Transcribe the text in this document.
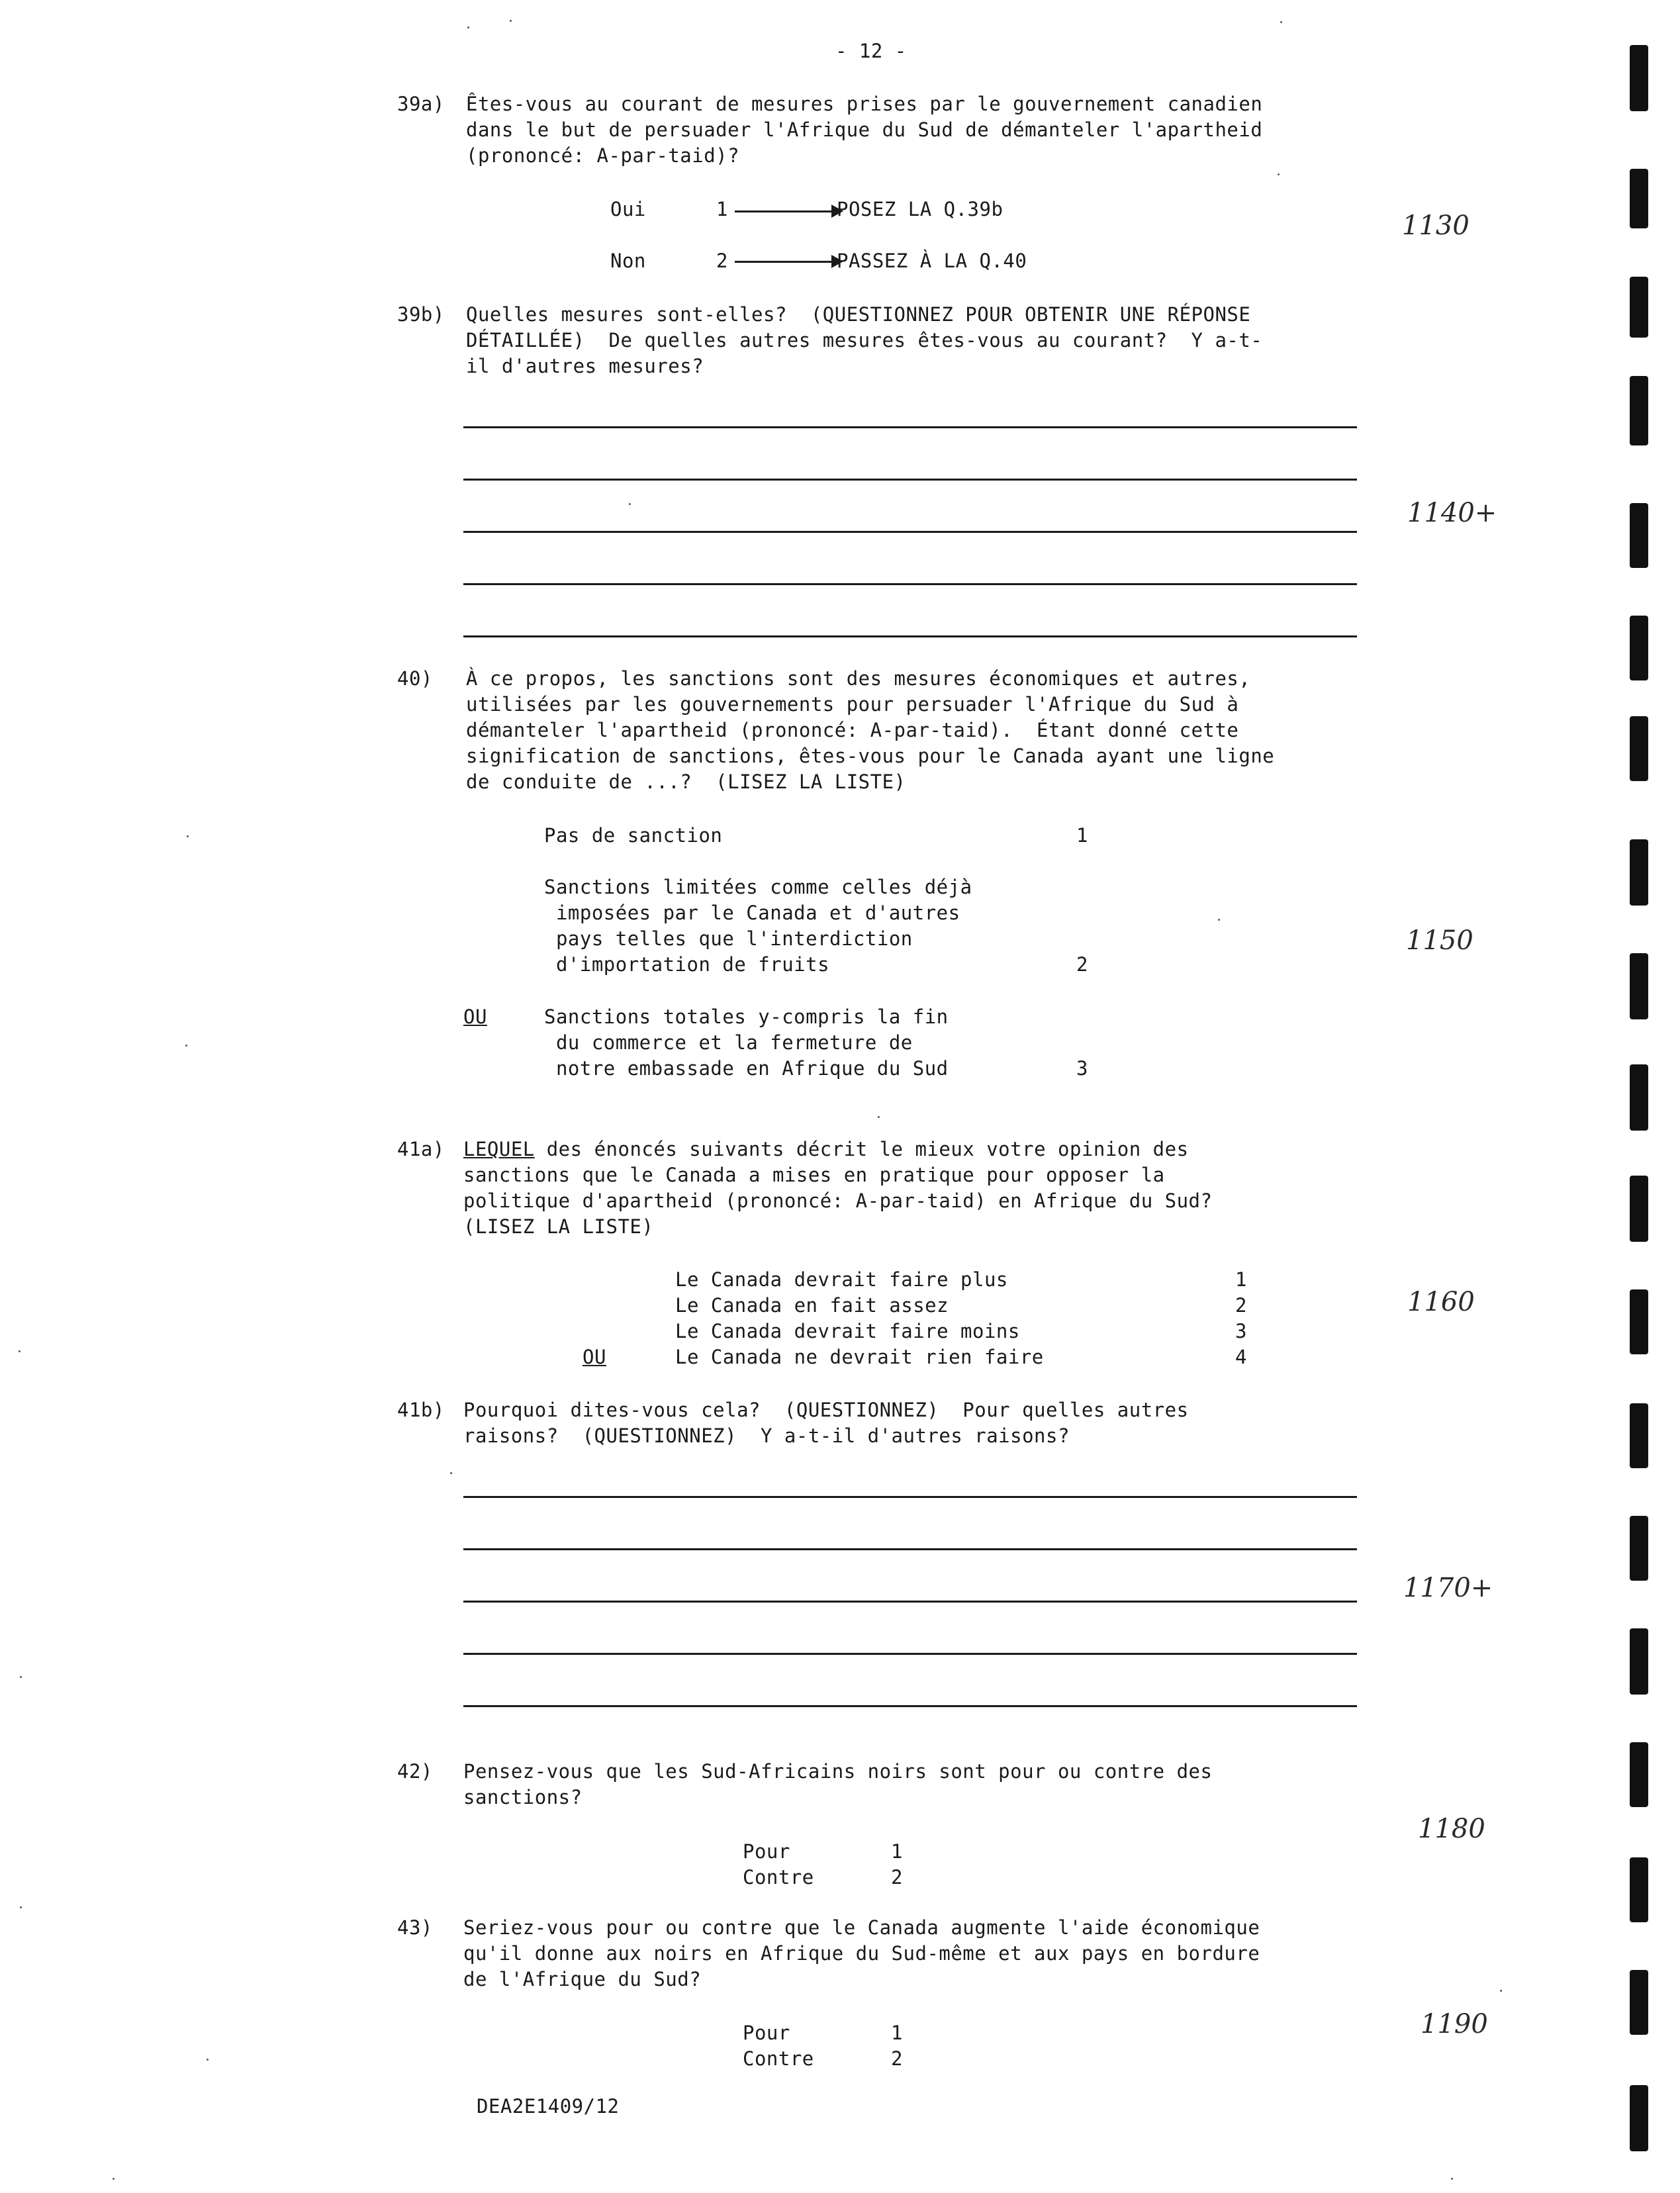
- 12 -
39a) Êtes-vous au courant de mesures prises par le gouvernement canadien
dans le but de persuader l'Afrique du Sud de démanteler l'apartheid
(prononcé: A-par-taid)?
Oui	1	POSEZ LA Q.39b
Non	2	PASSEZ À LA Q.40
1130
39b) Quelles mesures sont-elles?  (QUESTIONNEZ POUR OBTENIR UNE RÉPONSE
DÉTAILLÉE)  De quelles autres mesures êtes-vous au courant?  Y a-t-
il d'autres mesures?
1140+
40) À ce propos, les sanctions sont des mesures économiques et autres,
utilisées par les gouvernements pour persuader l'Afrique du Sud à
démanteler l'apartheid (prononcé: A-par-taid).  Étant donné cette
signification de sanctions, êtes-vous pour le Canada ayant une ligne
de conduite de ...?  (LISEZ LA LISTE)
Pas de sanction	1
Sanctions limitées comme celles déjà
imposées par le Canada et d'autres
pays telles que l'interdiction
d'importation de fruits	2
OU	Sanctions totales y-compris la fin
du commerce et la fermeture de
notre embassade en Afrique du Sud	3
1150
41a) LEQUEL des énoncés suivants décrit le mieux votre opinion des
sanctions que le Canada a mises en pratique pour opposer la
politique d'apartheid (prononcé: A-par-taid) en Afrique du Sud?
(LISEZ LA LISTE)
Le Canada devrait faire plus	1
Le Canada en fait assez	2
Le Canada devrait faire moins	3
OU	Le Canada ne devrait rien faire	4
1160
41b) Pourquoi dites-vous cela?  (QUESTIONNEZ)  Pour quelles autres
raisons?  (QUESTIONNEZ)  Y a-t-il d'autres raisons?
1170+
42) Pensez-vous que les Sud-Africains noirs sont pour ou contre des
sanctions?
Pour	1
Contre	2
1180
43) Seriez-vous pour ou contre que le Canada augmente l'aide économique
qu'il donne aux noirs en Afrique du Sud-même et aux pays en bordure
de l'Afrique du Sud?
Pour	1
Contre	2
1190
DEA2E1409/12
